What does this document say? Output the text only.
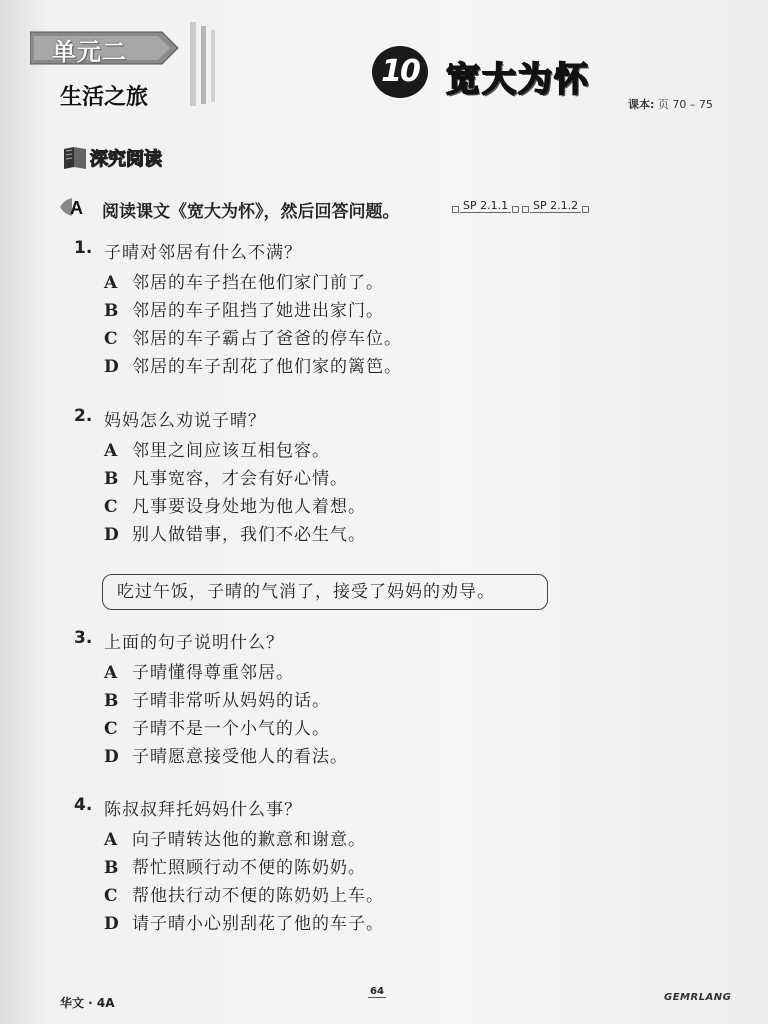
单元二
生活之旅
10 宽大为怀
课本: 页 70 – 75
深究阅读
A 阅读课文《宽大为怀》，然后回答问题。	SP 2.1.1 SP 2.1.2
1. 子晴对邻居有什么不满？
A 邻居的车子挡在他们家门前了。
B 邻居的车子阻挡了她进出家门。
C 邻居的车子霸占了爸爸的停车位。
D 邻居的车子刮花了他们家的篱笆。
2. 妈妈怎么劝说子晴？
A 邻里之间应该互相包容。
B 凡事宽容，才会有好心情。
C 凡事要设身处地为他人着想。
D 别人做错事，我们不必生气。
吃过午饭，子晴的气消了，接受了妈妈的劝导。
3. 上面的句子说明什么？
A 子晴懂得尊重邻居。
B 子晴非常听从妈妈的话。
C 子晴不是一个小气的人。
D 子晴愿意接受他人的看法。
4. 陈叔叔拜托妈妈什么事？
A 向子晴转达他的歉意和谢意。
B 帮忙照顾行动不便的陈奶奶。
C 帮他扶行动不便的陈奶奶上车。
D 请子晴小心别刮花了他的车子。
华文 · 4A
64
GEMRLANG
